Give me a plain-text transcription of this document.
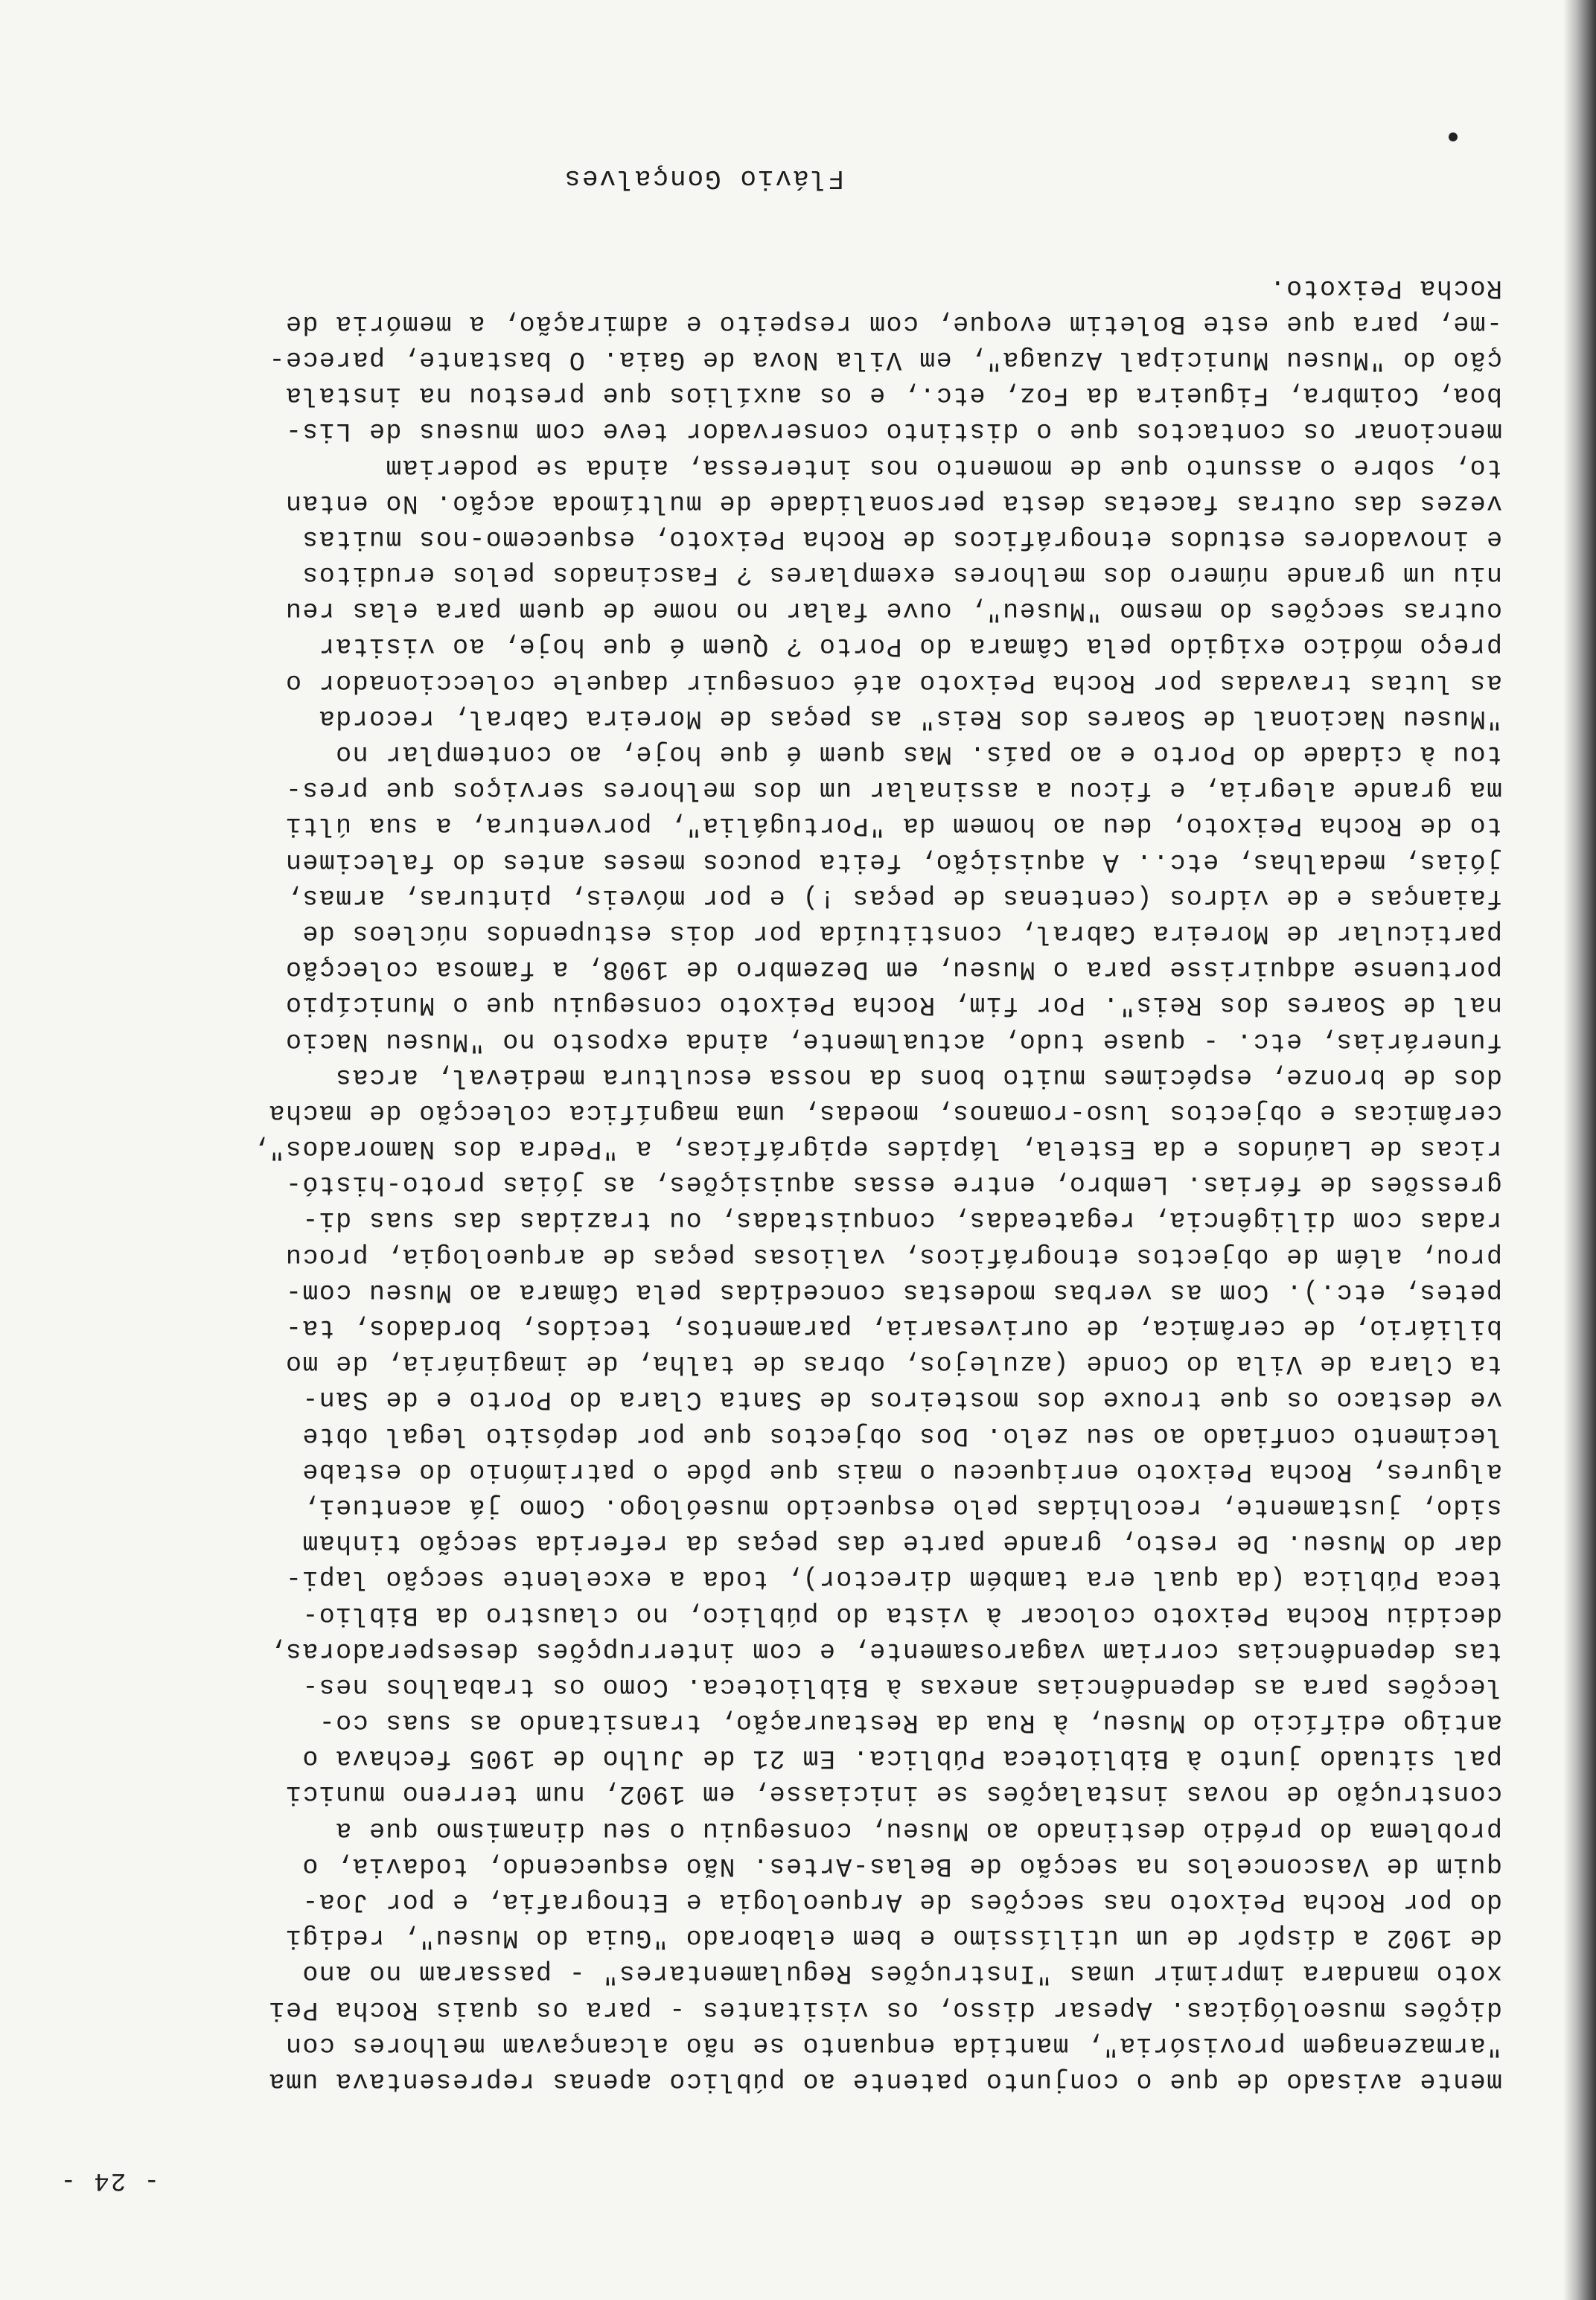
- 24 -
mente avisado de que o conjunto patente ao público apenas representava uma
"armazenagem provisória", mantida enquanto se não alcançavam melhores con
dições museológicas. Apesar disso, os visitantes - para os quais Rocha Pei
xoto mandara imprimir umas "Instruções Regulamentares" - passaram no ano
de 1902 a dispôr de um utilíssimo e bem elaborado "Guia do Museu", redigi
do por Rocha Peixoto nas secções de Arqueologia e Etnografia, e por Joa-
quim de Vasconcelos na secção de Belas-Artes. Não esquecendo, todavia, o
problema do prédio destinado ao Museu, conseguiu o seu dinamismo que a
construção de novas instalações se iniciasse, em 1902, num terreno munici
pal situado junto à Biblioteca Pública. Em 21 de Julho de 1905 fechava o
antigo edifício do Museu, à Rua da Restauração, transitando as suas co-
lecções para as dependências anexas à Biblioteca. Como os trabalhos nes-
tas dependências corriam vagarosamente, e com interrupções desesperadoras,
decidiu Rocha Peixoto colocar à vista do público, no claustro da Biblio-
teca Pública (da qual era também director), toda a excelente secção lapi-
dar do Museu. De resto, grande parte das peças da referida secção tinham
sido, justamente, recolhidas pelo esquecido museólogo. Como já acentuei,
algures, Rocha Peixoto enriqueceu o mais que pôde o património do estabe
lecimento confiado ao seu zelo. Dos objectos que por depósito legal obte
ve destaco os que trouxe dos mosteiros de Santa Clara do Porto e de San-
ta Clara de Vila do Conde (azulejos, obras de talha, de imaginária, de mo
biliário, de cerâmica, de ourivesaria, paramentos, tecidos, bordados, ta-
petes, etc.). Com as verbas modestas concedidas pela Câmara ao Museu com-
prou, além de objectos etnográficos, valiosas peças de arqueologia, procu
radas com diligência, regateadas, conquistadas, ou trazidas das suas di-
gressões de férias. Lembro, entre essas aquisições, as jóias proto-histó-
ricas de Laúndos e da Estela, lápides epigráficas, a "Pedra dos Namorados",
cerâmicas e objectos luso-romanos, moedas, uma magnífica colecção de macha
dos de bronze, espécimes muito bons da nossa escultura medieval, arcas
funerárias, etc. - quase tudo, actualmente, ainda exposto no "Museu Nacio
nal de Soares dos Reis". Por fim, Rocha Peixoto conseguiu que o Município
portuense adquirisse para o Museu, em Dezembro de 1908, a famosa colecção
particular de Moreira Cabral, constituída por dois estupendos núcleos de
faianças e de vidros (centenas de peças !) e por móveis, pinturas, armas,
jóias, medalhas, etc.. A aquisição, feita poucos meses antes do falecimen
to de Rocha Peixoto, deu ao homem da "Portugália", porventura, a sua últi
ma grande alegria, e ficou a assinalar um dos melhores serviços que pres-
tou à cidade do Porto e ao país. Mas quem é que hoje, ao contemplar no
"Museu Nacional de Soares dos Reis" as peças de Moreira Cabral, recorda
as lutas travadas por Rocha Peixoto até conseguir daquele coleccionador o
preço módico exigido pela Câmara do Porto ? Quem é que hoje, ao visitar
outras secções do mesmo "Museu", ouve falar no nome de quem para elas reu
niu um grande número dos melhores exemplares ? Fascinados pelos eruditos
e inovadores estudos etnográficos de Rocha Peixoto, esquecemo-nos muitas
vezes das outras facetas desta personalidade de multímoda acção. No entan
to, sobre o assunto que de momento nos interessa, ainda se poderiam
mencionar os contactos que o distinto conservador teve com museus de Lis-
boa, Coimbra, Figueira da Foz, etc., e os auxílios que prestou na instala
ção do "Museu Municipal Azuaga", em Vila Nova de Gaia. O bastante, parece-
-me, para que este Boletim evoque, com respeito e admiração, a memória de
Rocha Peixoto.
Flávio Gonçalves
